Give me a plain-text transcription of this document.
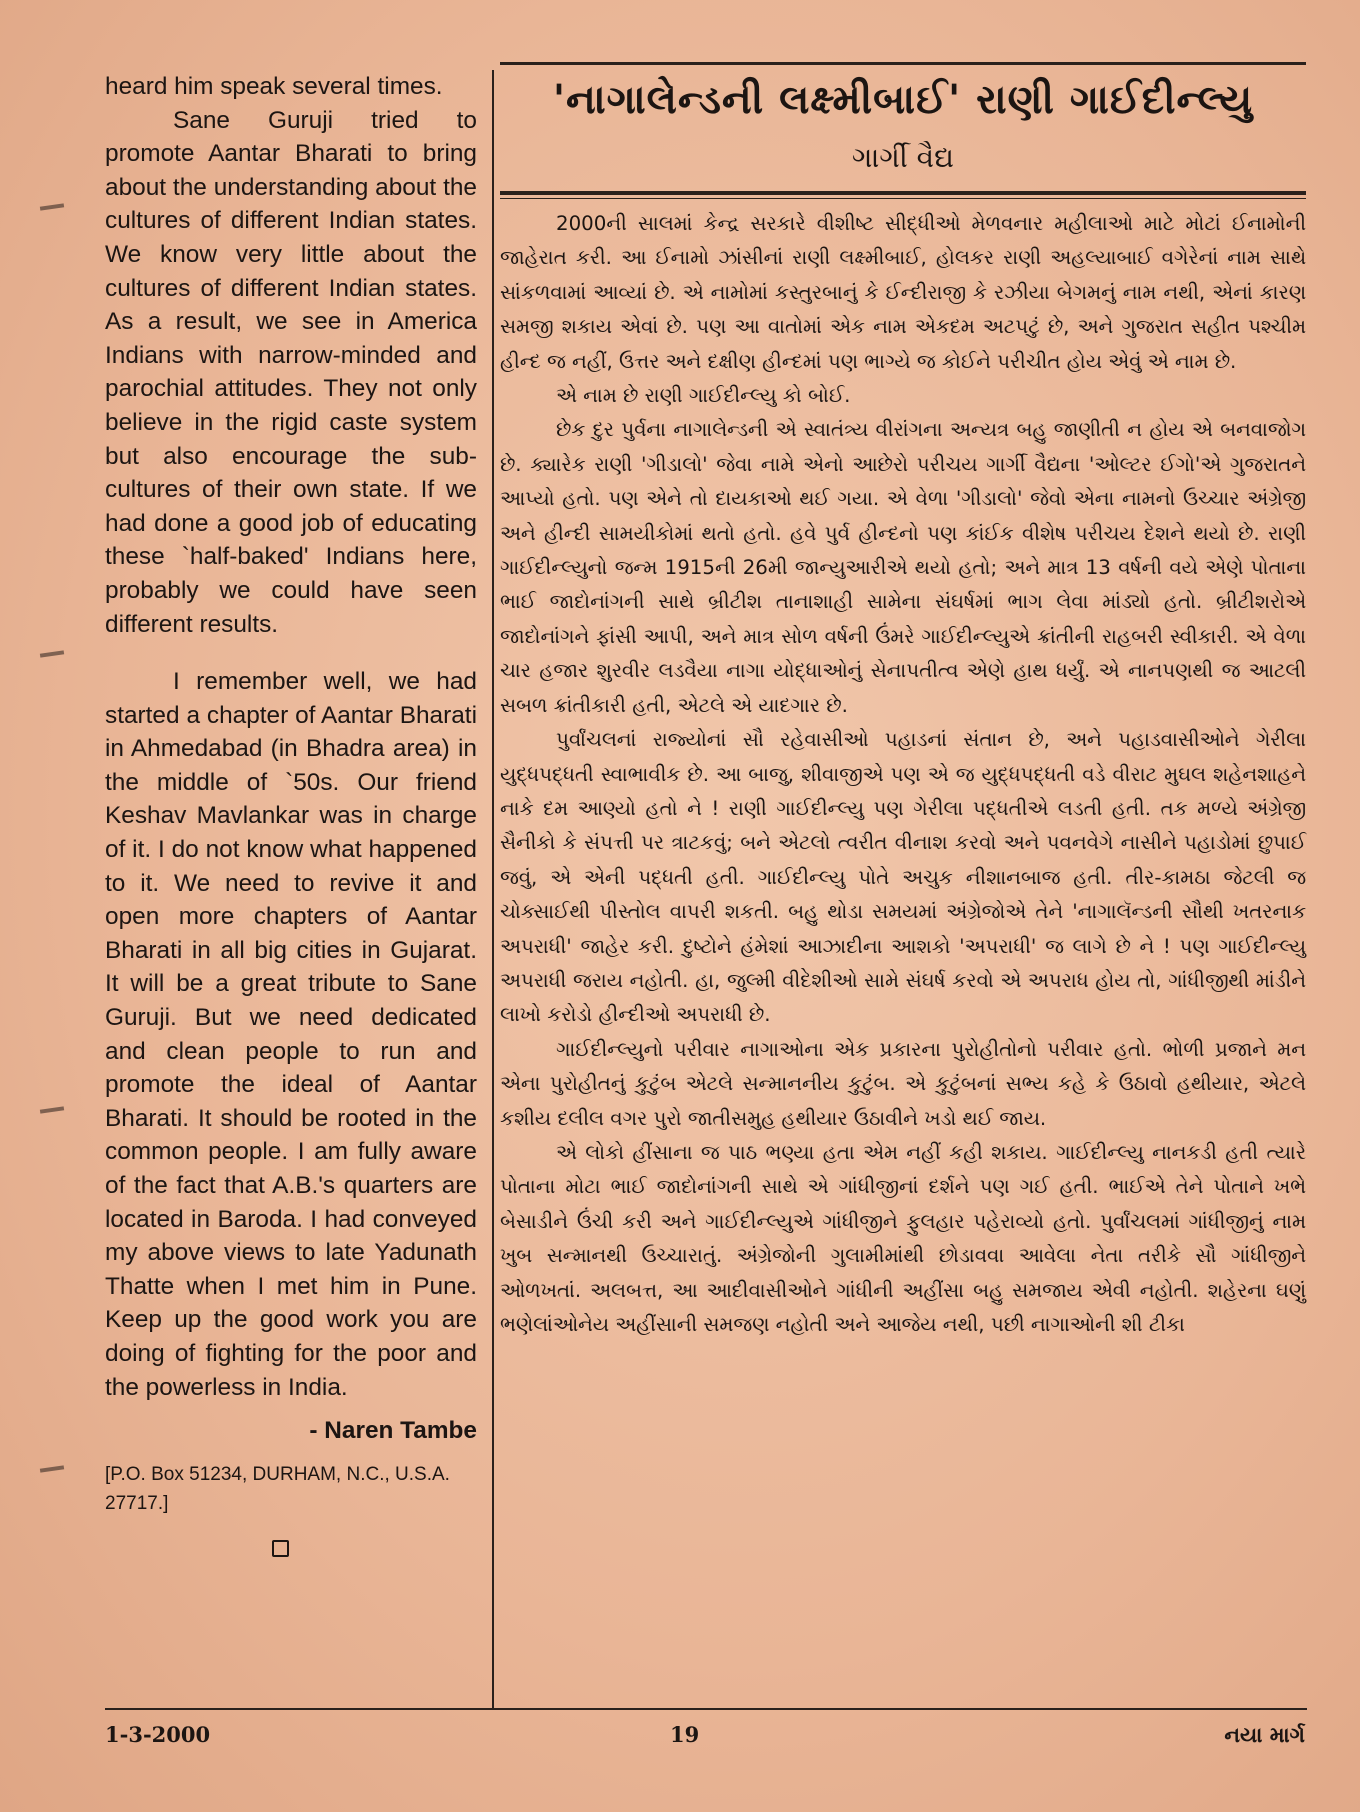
heard him speak several times.

Sane Guruji tried to promote Aantar Bharati to bring about the understanding about the cultures of different Indian states. We know very little about the cultures of different Indian states. As a result, we see in America Indians with narrow-minded and parochial attitudes. They not only believe in the rigid caste system but also encourage the sub-cultures of their own state. If we had done a good job of educating these `half-baked' Indians here, probably we could have seen different results.

I remember well, we had started a chapter of Aantar Bharati in Ahmedabad (in Bhadra area) in the middle of `50s. Our friend Keshav Mavlankar was in charge of it. I do not know what happened to it. We need to revive it and open more chapters of Aantar Bharati in all big cities in Gujarat. It will be a great tribute to Sane Guruji. But we need dedicated and clean people to run and promote the ideal of Aantar Bharati. It should be rooted in the common people. I am fully aware of the fact that A.B.'s quarters are located in Baroda. I had conveyed my above views to late Yadunath Thatte when I met him in Pune. Keep up the good work you are doing of fighting for the poor and the powerless in India.

- Naren Tambe
[P.O. Box 51234, DURHAM, N.C., U.S.A. 27717.]
'નાગાલેન્ડની લક્ષ્મીબાઈ' રાણી ગાઈદીન્લ્યુ
ગાર્ગી વૈદ્ય

2000ની સાલમાં કેન્દ્ર સરકારે વીશીષ્ટ સીદ્ધીઓ મેળવનાર મહીલાઓ માટે મોટાં ઈનામોની જાહેરાત કરી. આ ઈનામો ઝાંસીનાં રાણી લક્ષ્મીબાઈ, હોલકર રાણી અહલ્યાબાઈ વગેરેનાં નામ સાથે સાંકળવામાં આવ્યાં છે. એ નામોમાં કસ્તુરબાનું કે ઈન્દીરાજી કે રઝીયા બેગમનું નામ નથી, એનાં કારણ સમજી શકાય એવાં છે. પણ આ વાતોમાં એક નામ એકદમ અટપટું છે, અને ગુજરાત સહીત પશ્ચીમ હીન્દ જ નહીં, ઉત્તર અને દક્ષીણ હીન્દમાં પણ ભાગ્યે જ કોઈને પરીચીત હોય એવું એ નામ છે.

એ નામ છે રાણી ગાઈદીન્લ્યુ કો બોઈ.

છેક દુર પુર્વના નાગાલેન્ડની એ સ્વાતંત્ર્ય વીરાંગના અન્યત્ર બહુ જાણીતી ન હોય એ બનવાજોગ છે. ક્યારેક રાણી 'ગીડાલો' જેવા નામે એનો આછેરો પરીચય ગાર્ગી વૈદ્યના 'ઓલ્ટર ઈગો'એ ગુજરાતને આપ્યો હતો. પણ એને તો દાયકાઓ થઈ ગયા. એ વેળા 'ગીડાલો' જેવો એના નામનો ઉચ્ચાર અંગ્રેજી અને હીન્દી સામયીકોમાં થતો હતો. હવે પુર્વ હીન્દનો પણ કાંઈક વીશેષ પરીચય દેશને થયો છે. રાણી ગાઈદીન્લ્યુનો જન્મ 1915ની 26મી જાન્યુઆરીએ થયો હતો; અને માત્ર 13 વર્ષની વયે એણે પોતાના ભાઈ જાદોનાંગની સાથે બ્રીટીશ તાનાશાહી સામેના સંઘર્ષમાં ભાગ લેવા માંડ્યો હતો. બ્રીટીશરોએ જાદોનાંગને ફાંસી આપી, અને માત્ર સોળ વર્ષની ઉંમરે ગાઈદીન્લ્યુએ ક્રાંતીની રાહબરી સ્વીકારી. એ વેળા ચાર હજાર શુરવીર લડવૈયા નાગા યોદ્ધાઓનું સેનાપતીત્વ એણે હાથ ધર્યું. એ નાનપણથી જ આટલી સબળ ક્રાંતીકારી હતી, એટલે એ યાદગાર છે.

પુર્વાંચલનાં રાજ્યોનાં સૌ રહેવાસીઓ પહાડનાં સંતાન છે, અને પહાડવાસીઓને ગેરીલા યુદ્ધપદ્ધતી સ્વાભાવીક છે. આ બાજુ, શીવાજીએ પણ એ જ યુદ્ધપદ્ધતી વડે વીરાટ મુઘલ શહેનશાહને નાકે દમ આણ્યો હતો ને ! રાણી ગાઈદીન્લ્યુ પણ ગેરીલા પદ્ધતીએ લડતી હતી. તક મળ્યે અંગ્રેજી સૈનીકો કે સંપત્તી પર ત્રાટકવું; બને એટલો ત્વરીત વીનાશ કરવો અને પવનવેગે નાસીને પહાડોમાં છુપાઈ જવું, એ એની પદ્ધતી હતી. ગાઈદીન્લ્યુ પોતે અચુક નીશાનબાજ હતી. તીર-કામઠા જેટલી જ ચોક્સાઈથી પીસ્તોલ વાપરી શકતી. બહુ થોડા સમયમાં અંગ્રેજોએ તેને 'નાગાલૅન્ડની સૌથી ખતરનાક અપરાધી' જાહેર કરી. દુષ્ટોને હંમેશાં આઝાદીના આશકો 'અપરાધી' જ લાગે છે ને ! પણ ગાઈદીન્લ્યુ અપરાધી જરાય નહોતી. હા, જુલ્મી વીદેશીઓ સામે સંઘર્ષ કરવો એ અપરાધ હોય તો, ગાંધીજીથી માંડીને લાખો કરોડો હીન્દીઓ અપરાધી છે.

ગાઈદીન્લ્યુનો પરીવાર નાગાઓના એક પ્રકારના પુરોહીતોનો પરીવાર હતો. ભોળી પ્રજાને મન એના પુરોહીતનું કુટુંબ એટલે સન્માનનીય કુટુંબ. એ કુટુંબનાં સભ્ય કહે કે ઉઠાવો હથીયાર, એટલે કશીય દલીલ વગર પુરો જાતીસમુહ હથીયાર ઉઠાવીને ખડો થઈ જાય.

એ લોકો હીંસાના જ પાઠ ભણ્યા હતા એમ નહીં કહી શકાય. ગાઈદીન્લ્યુ નાનકડી હતી ત્યારે પોતાના મોટા ભાઈ જાદોનાંગની સાથે એ ગાંધીજીનાં દર્શને પણ ગઈ હતી. ભાઈએ તેને પોતાને ખભે બેસાડીને ઉંચી કરી અને ગાઈદીન્લ્યુએ ગાંધીજીને ફુલહાર પહેરાવ્યો હતો. પુર્વાંચલમાં ગાંધીજીનું નામ ખુબ સન્માનથી ઉચ્ચારાતું. અંગ્રેજોની ગુલામીમાંથી છોડાવવા આવેલા નેતા તરીકે સૌ ગાંધીજીને ઓળખતાં. અલબત્ત, આ આદીવાસીઓને ગાંધીની અહીંસા બહુ સમજાય એવી નહોતી. શહેરના ઘણું ભણેલાંઓનેય અહીંસાની સમજણ નહોતી અને આજેય નથી, પછી નાગાઓની શી ટીકા

1-3-2000	19	નયા માર્ગ
